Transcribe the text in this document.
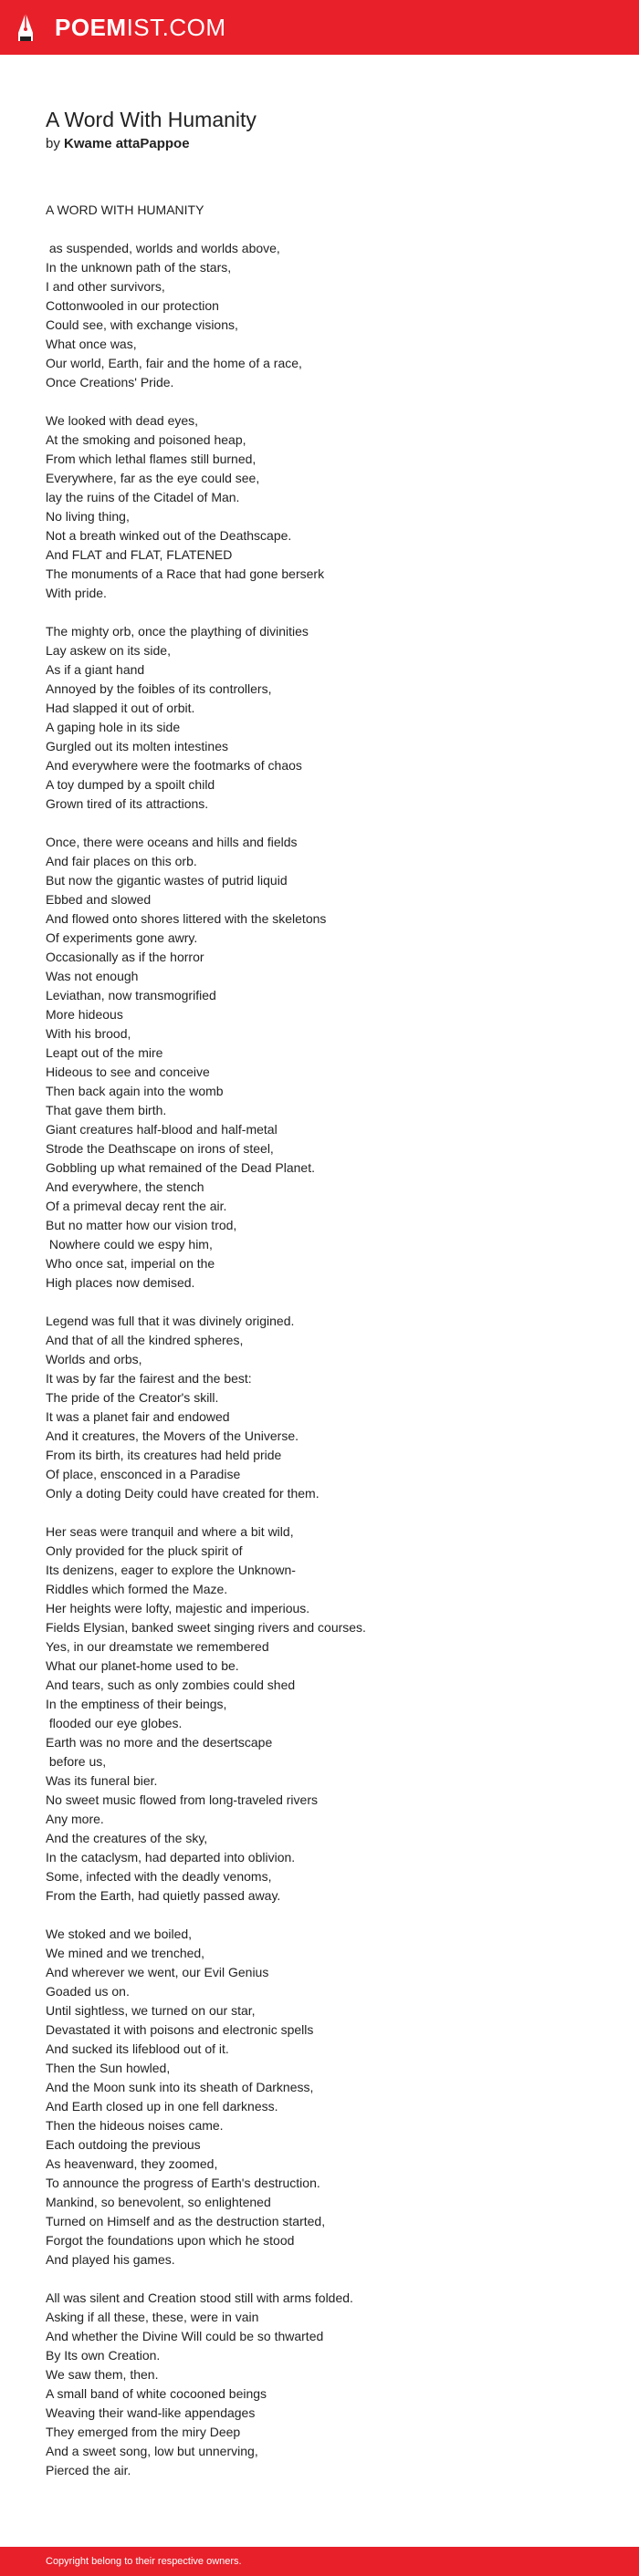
POEMIST.COM
A Word With Humanity
by Kwame attaPappoe
A WORD WITH HUMANITY
as suspended, worlds and worlds above,
In the unknown path of the stars,
I and other survivors,
Cottonwooled in our protection
Could see, with exchange visions,
What once was,
Our world, Earth, fair and the home of a race,
Once Creations' Pride.
We looked with dead eyes,
At the smoking and poisoned heap,
From which lethal flames still burned,
Everywhere, far as the eye could see,
lay the ruins of the Citadel of Man.
No living thing,
Not a breath winked out of the Deathscape.
And FLAT and FLAT, FLATENED
The monuments of a Race that had gone berserk
With pride.
The mighty orb, once the plaything of divinities
Lay askew on its side,
As if a giant hand
Annoyed by the foibles of its controllers,
Had slapped it out of orbit.
A gaping hole in its side
Gurgled out its molten intestines
And everywhere were the footmarks of chaos
A toy dumped by a spoilt child
Grown tired of its attractions.
Once, there were oceans and hills and fields
And fair places on this orb.
But now the gigantic wastes of putrid liquid
Ebbed and slowed
And flowed onto shores littered with the skeletons
Of experiments gone awry.
Occasionally as if the horror
Was not enough
Leviathan, now transmogrified
More hideous
With his brood,
Leapt out of the mire
Hideous to see and conceive
Then back again into the womb
That gave them birth.
Giant creatures half-blood and half-metal
Strode the Deathscape on irons of steel,
Gobbling up what remained of the Dead Planet.
And everywhere, the stench
Of a primeval decay rent the air.
But no matter how our vision trod,
Nowhere could we espy him,
Who once sat, imperial on the
High places now demised.
Legend was full that it was divinely origined.
And that of all the kindred spheres,
Worlds and orbs,
It was by far the fairest and the best:
The pride of the Creator's skill.
It was a planet fair and endowed
And it creatures, the Movers of the Universe.
From its birth, its creatures had held pride
Of place, ensconced in a Paradise
Only a doting Deity could have created for them.
Her seas were tranquil and where a bit wild,
Only provided for the pluck spirit of
Its denizens, eager to explore the Unknown-
Riddles which formed the Maze.
Her heights were lofty, majestic and imperious.
Fields Elysian, banked sweet singing rivers and courses.
Yes, in our dreamstate we remembered
What our planet-home used to be.
And tears, such as only zombies could shed
In the emptiness of their beings,
flooded our eye globes.
Earth was no more and the desertscape
before us,
Was its funeral bier.
No sweet music flowed from long-traveled rivers
Any more.
And the creatures of the sky,
In the cataclysm, had departed into oblivion.
Some, infected with the deadly venoms,
From the Earth, had quietly passed away.
We stoked and we boiled,
We mined and we trenched,
And wherever we went, our Evil Genius
Goaded us on.
Until sightless, we turned on our star,
Devastated it with poisons and electronic spells
And sucked its lifeblood out of it.
Then the Sun howled,
And the Moon sunk into its sheath of Darkness,
And Earth closed up in one fell darkness.
Then the hideous noises came.
Each outdoing the previous
As heavenward, they zoomed,
To announce the progress of Earth's destruction.
Mankind, so benevolent, so enlightened
Turned on Himself and as the destruction started,
Forgot the foundations upon which he stood
And played his games.
All was silent and Creation stood still with arms folded.
Asking if all these, these, were in vain
And whether the Divine Will could be so thwarted
By Its own Creation.
We saw them, then.
A small band of white cocooned beings
Weaving their wand-like appendages
They emerged from the miry Deep
And a sweet song, low but unnerving,
Pierced the air.
Copyright belong to their respective owners.
